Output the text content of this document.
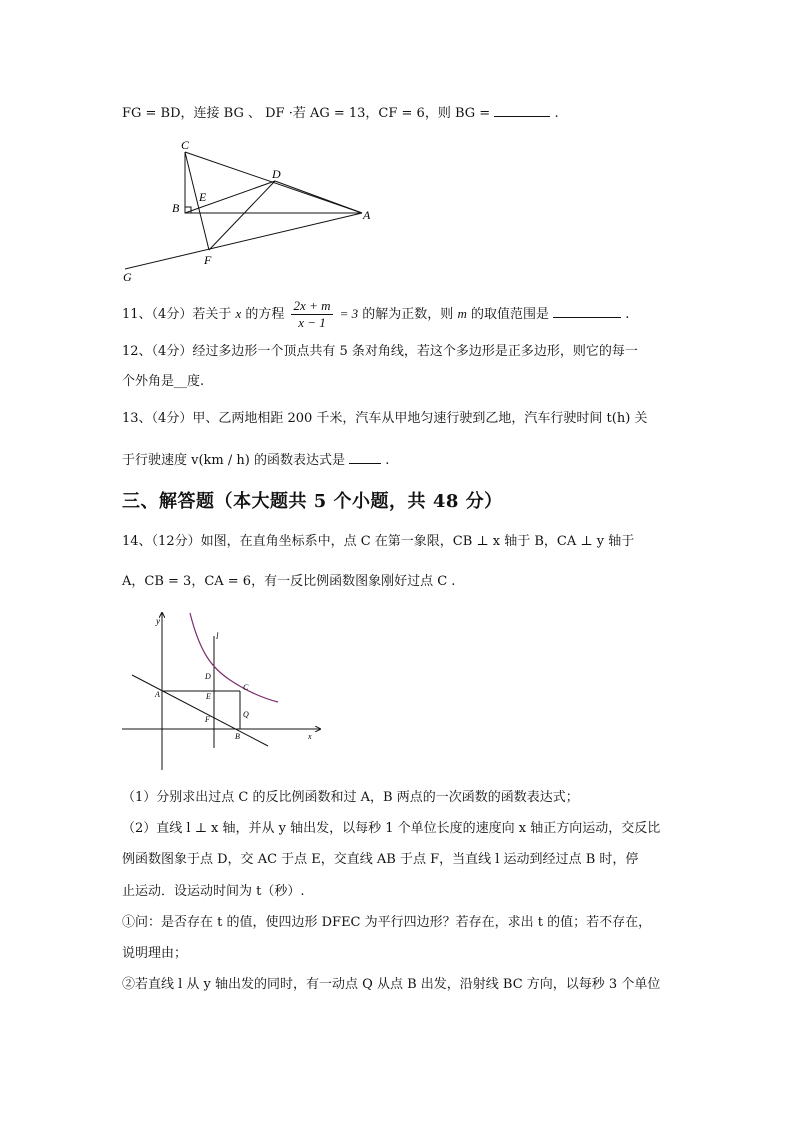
FG = BD，连接 BG 、 DF ·若 AG = 13，CF = 6，则 BG =	.
C
D
E
B	A
F
G
11、（4分）若关于 x 的方程 $\frac{2x + m}{x - 1} = 3$ 的解为正数，则 m 的取值范围是	.
12、（4分）经过多边形一个顶点共有 5 条对角线，若这个多边形是正多边形，则它的每一
个外角是__度.
13、（4分）甲、乙两地相距 200 千米，汽车从甲地匀速行驶到乙地，汽车行驶时间 t(h) 关
于行驶速度 v(km / h) 的函数表达式是	.
三、解答题（本大题共 5 个小题，共 48 分）
14、（12分）如图，在直角坐标系中，点 C 在第一象限，CB ⊥ x 轴于 B，CA ⊥ y 轴于
A，CB = 3，CA = 6，有一反比例函数图象刚好过点 C .
y
l
D
C
A	E
Q
F
B	x
（1）分别求出过点 C 的反比例函数和过 A，B 两点的一次函数的函数表达式；
（2）直线 l ⊥ x 轴，并从 y 轴出发，以每秒 1 个单位长度的速度向 x 轴正方向运动，交反比
例函数图象于点 D，交 AC 于点 E，交直线 AB 于点 F，当直线 l 运动到经过点 B 时，停
止运动．设运动时间为 t（秒）.
①问：是否存在 t 的值，使四边形 DFEC 为平行四边形？若存在，求出 t 的值；若不存在，
说明理由；
②若直线 l 从 y 轴出发的同时，有一动点 Q 从点 B 出发，沿射线 BC 方向，以每秒 3 个单位
